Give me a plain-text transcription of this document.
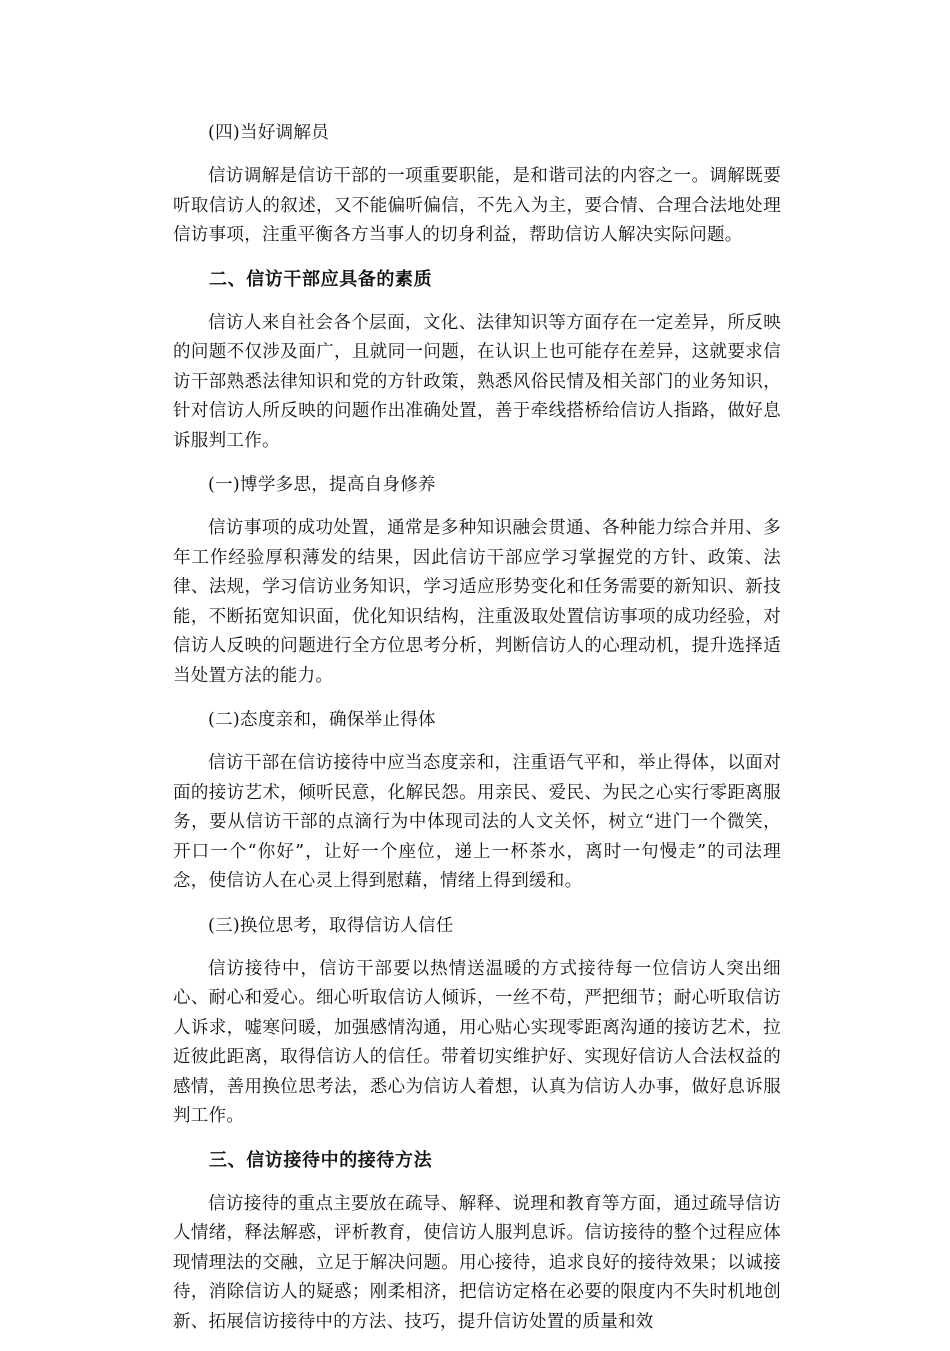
(四)当好调解员

信访调解是信访干部的一项重要职能，是和谐司法的内容之一。调解既要听取信访人的叙述，又不能偏听偏信，不先入为主，要合情、合理合法地处理信访事项，注重平衡各方当事人的切身利益，帮助信访人解决实际问题。

二、信访干部应具备的素质

信访人来自社会各个层面，文化、法律知识等方面存在一定差异，所反映的问题不仅涉及面广，且就同一问题，在认识上也可能存在差异，这就要求信访干部熟悉法律知识和党的方针政策，熟悉风俗民情及相关部门的业务知识，针对信访人所反映的问题作出准确处置，善于牵线搭桥给信访人指路，做好息诉服判工作。

(一)博学多思，提高自身修养

信访事项的成功处置，通常是多种知识融会贯通、各种能力综合并用、多年工作经验厚积薄发的结果，因此信访干部应学习掌握党的方针、政策、法律、法规，学习信访业务知识，学习适应形势变化和任务需要的新知识、新技能，不断拓宽知识面，优化知识结构，注重汲取处置信访事项的成功经验，对信访人反映的问题进行全方位思考分析，判断信访人的心理动机，提升选择适当处置方法的能力。

(二)态度亲和，确保举止得体

信访干部在信访接待中应当态度亲和，注重语气平和，举止得体，以面对面的接访艺术，倾听民意，化解民怨。用亲民、爱民、为民之心实行零距离服务，要从信访干部的点滴行为中体现司法的人文关怀，树立“进门一个微笑，开口一个“你好”，让好一个座位，递上一杯茶水，离时一句慢走”的司法理念，使信访人在心灵上得到慰藉，情绪上得到缓和。

(三)换位思考，取得信访人信任

信访接待中，信访干部要以热情送温暖的方式接待每一位信访人突出细心、耐心和爱心。细心听取信访人倾诉，一丝不苟，严把细节；耐心听取信访人诉求，嘘寒问暖，加强感情沟通，用心贴心实现零距离沟通的接访艺术，拉近彼此距离，取得信访人的信任。带着切实维护好、实现好信访人合法权益的感情，善用换位思考法，悉心为信访人着想，认真为信访人办事，做好息诉服判工作。

三、信访接待中的接待方法

信访接待的重点主要放在疏导、解释、说理和教育等方面，通过疏导信访人情绪，释法解惑，评析教育，使信访人服判息诉。信访接待的整个过程应体现情理法的交融，立足于解决问题。用心接待，追求良好的接待效果；以诚接待，消除信访人的疑惑；刚柔相济，把信访定格在必要的限度内不失时机地创新、拓展信访接待中的方法、技巧，提升信访处置的质量和效
